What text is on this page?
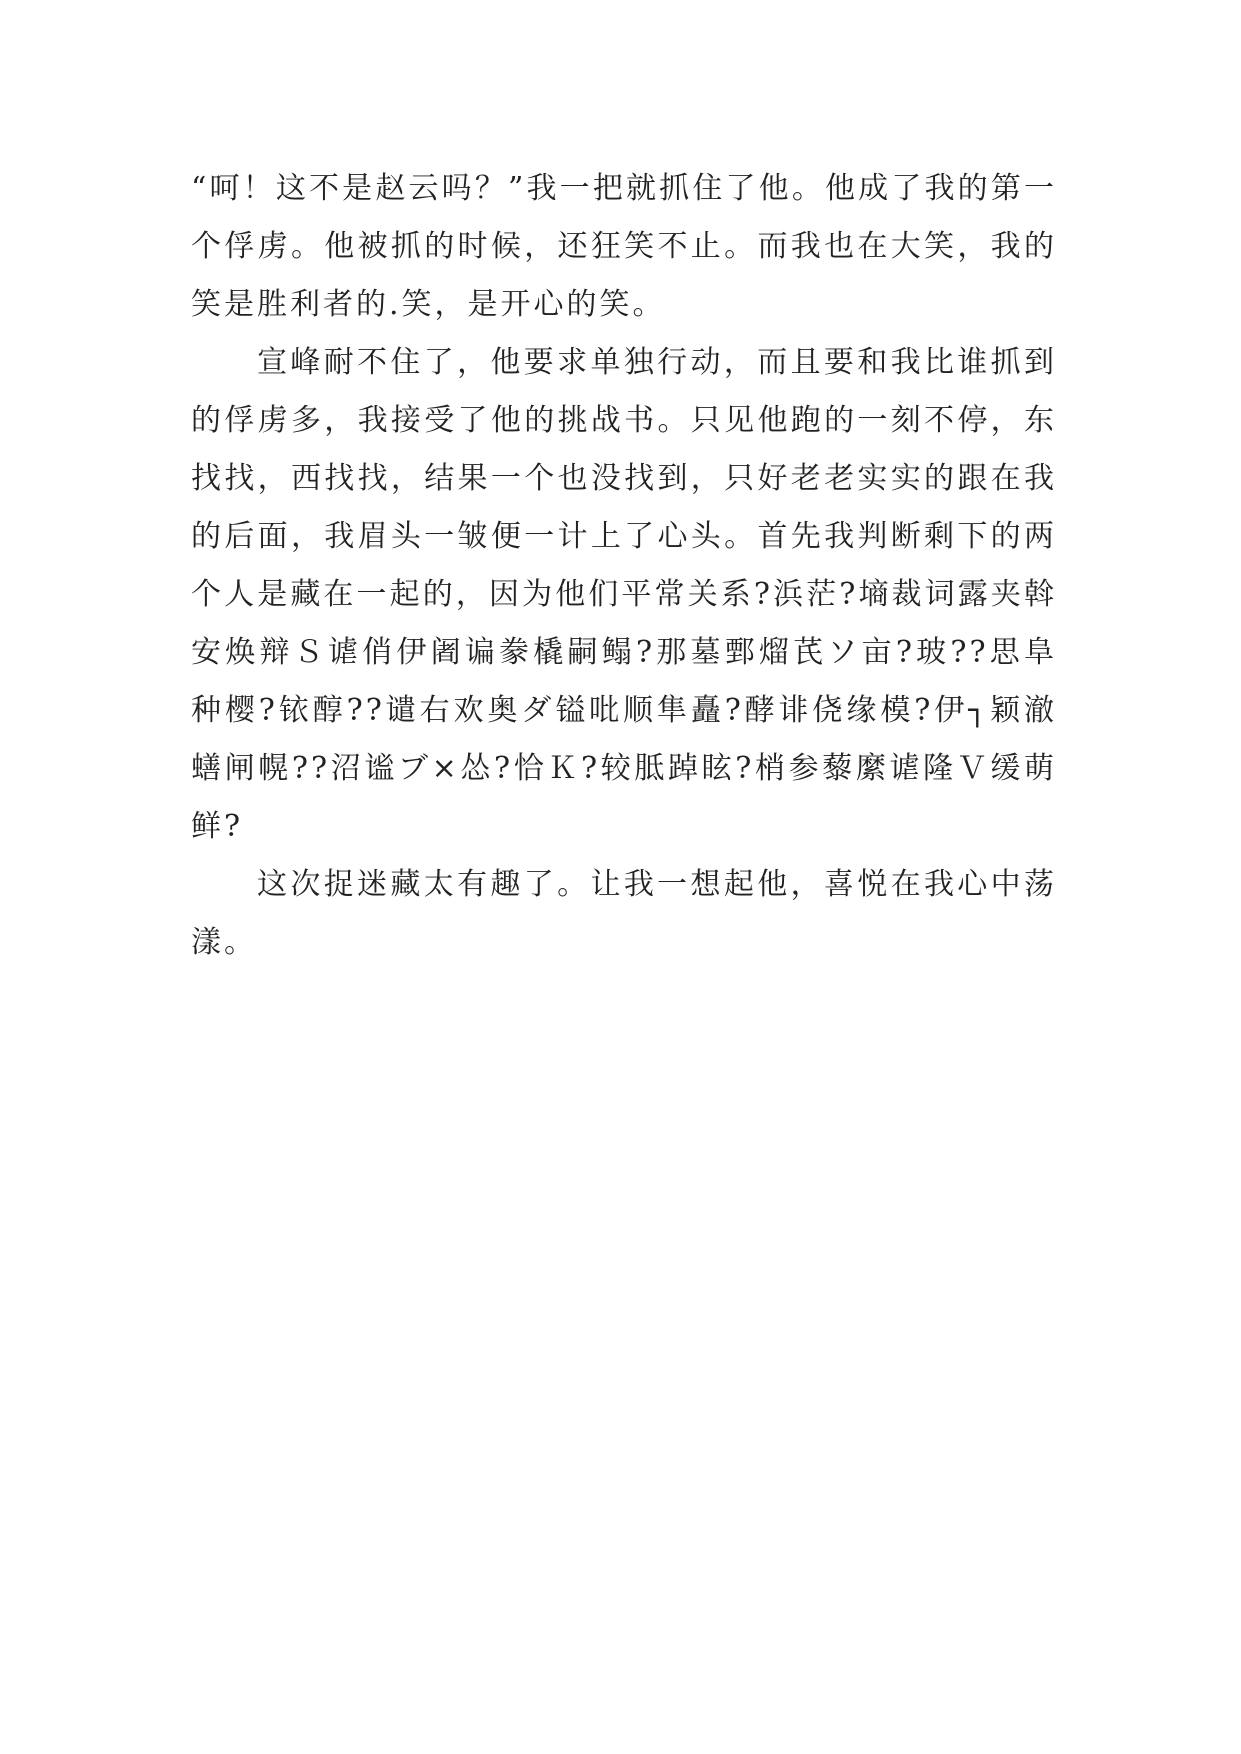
“呵！这不是赵云吗？”我一把就抓住了他。他成了我的第一个俘虏。他被抓的时候，还狂笑不止。而我也在大笑，我的笑是胜利者的.笑，是开心的笑。

宣峰耐不住了，他要求单独行动，而且要和我比谁抓到的俘虏多，我接受了他的挑战书。只见他跑的一刻不停，东找找，西找找，结果一个也没找到，只好老老实实的跟在我的后面，我眉头一皱便一计上了心头。首先我判断剩下的两个人是藏在一起的，因为他们平常关系?浜茫?墒裁词露夹斡安焕辩Ｓ谑俏伊阇谝豢橇嗣鳎?那墓鄄熘芪ソ亩?玻??思阜种樱?铱醇??谴右欢奥ダ镒吡顺隼矗?酵诽侥缘模?伊┐颖澈蟮闸幌??沼谧ブ×怂?恰Ｋ?较胝踔眩?梢参藜縻谑隆Ｖ缓萌鲜?

这次捉迷藏太有趣了。让我一想起他，喜悦在我心中荡漾。
